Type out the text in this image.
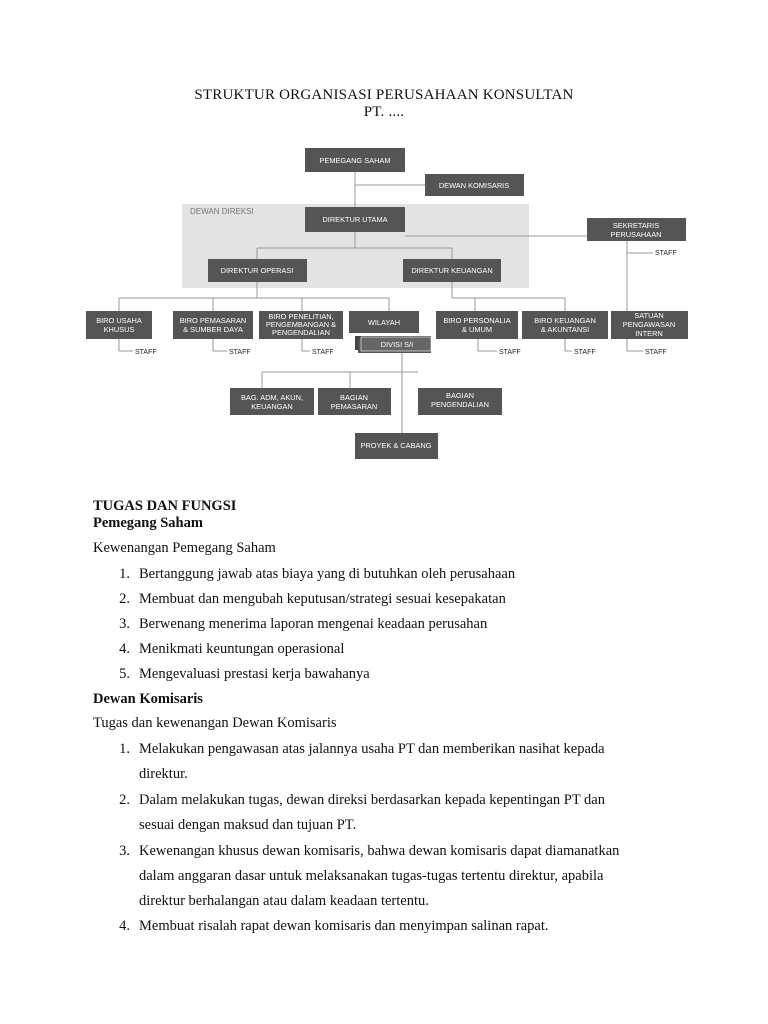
STRUKTUR ORGANISASI PERUSAHAAN KONSULTAN
PT. ....
DEWAN DIREKSI
PEMEGANG SAHAM
DEWAN KOMISARIS
DIREKTUR UTAMA
SEKRETARIS
PERUSAHAAN
DIREKTUR OPERASI	DIREKTUR KEUANGAN
BIRO USAHA
KHUSUS
BIRO PEMASARAN
& SUMBER DAYA
BIRO PENELITIAN,
PENGEMBANGAN &
PENGENDALIAN
WILAYAH
DIVISI S/I
BIRO PERSONALIA
& UMUM
BIRO KEUANGAN
& AKUNTANSI
SATUAN
PENGAWASAN
INTERN
BAG. ADM, AKUN,
KEUANGAN
BAGIAN
PEMASARAN
BAGIAN
PENGENDALIAN
PROYEK & CABANG
STAFF
STAFF	STAFF	STAFF	STAFF	STAFF	STAFF
TUGAS DAN FUNGSI
Pemegang Saham
Kewenangan Pemegang Saham
1. Bertanggung jawab atas biaya yang di butuhkan oleh perusahaan
2. Membuat dan mengubah keputusan/strategi sesuai kesepakatan
3. Berwenang menerima laporan mengenai keadaan perusahan
4. Menikmati keuntungan operasional
5. Mengevaluasi prestasi kerja bawahanya
Dewan Komisaris
Tugas dan kewenangan Dewan Komisaris
1. Melakukan pengawasan atas jalannya usaha PT dan memberikan nasihat kepada
direktur.
2. Dalam melakukan tugas, dewan direksi berdasarkan kepada kepentingan PT dan
sesuai dengan maksud dan tujuan PT.
3. Kewenangan khusus dewan komisaris, bahwa dewan komisaris dapat diamanatkan
dalam anggaran dasar untuk melaksanakan tugas-tugas tertentu direktur, apabila
direktur berhalangan atau dalam keadaan tertentu.
4. Membuat risalah rapat dewan komisaris dan menyimpan salinan rapat.
